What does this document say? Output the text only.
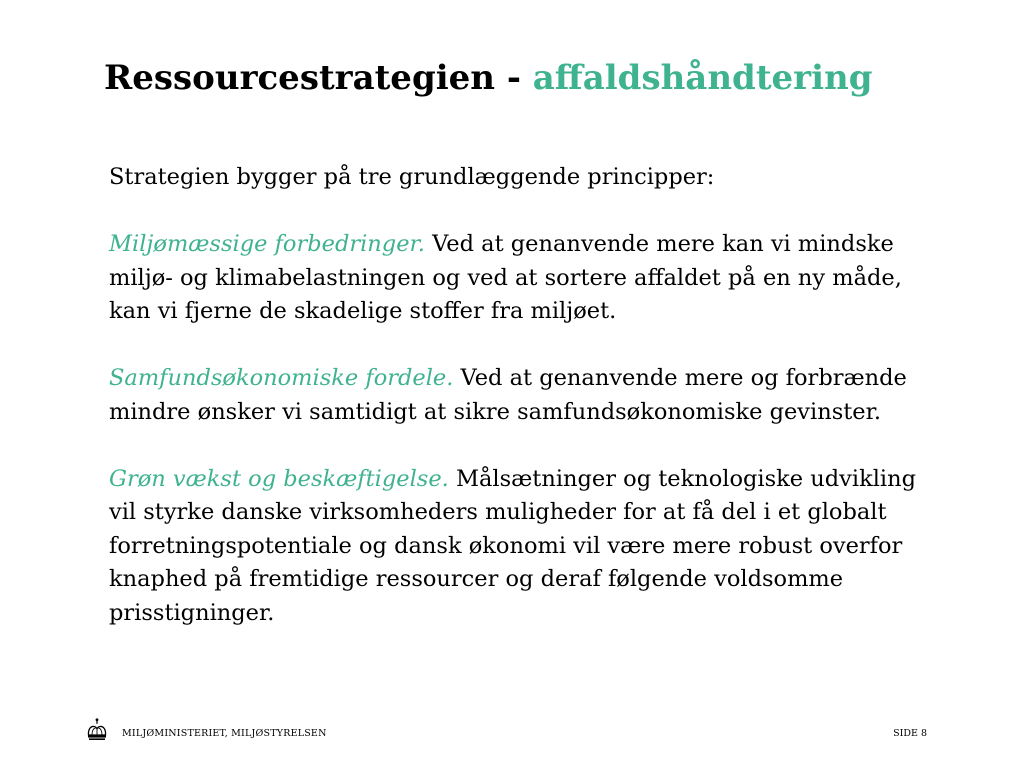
Ressourcestrategien - affaldshåndtering

Strategien bygger på tre grundlæggende principper:

Miljømæssige forbedringer. Ved at genanvende mere kan vi mindske miljø- og klimabelastningen og ved at sortere affaldet på en ny måde, kan vi fjerne de skadelige stoffer fra miljøet.

Samfundsøkonomiske fordele. Ved at genanvende mere og forbrænde mindre ønsker vi samtidigt at sikre samfundsøkonomiske gevinster.

Grøn vækst og beskæftigelse. Målsætninger og teknologiske udvikling vil styrke danske virksomheders muligheder for at få del i et globalt forretningspotentiale og dansk økonomi vil være mere robust overfor knaphed på fremtidige ressourcer og deraf følgende voldsomme prisstigninger.

MILJØMINISTERIET, MILJØSTYRELSEN	SIDE 8
